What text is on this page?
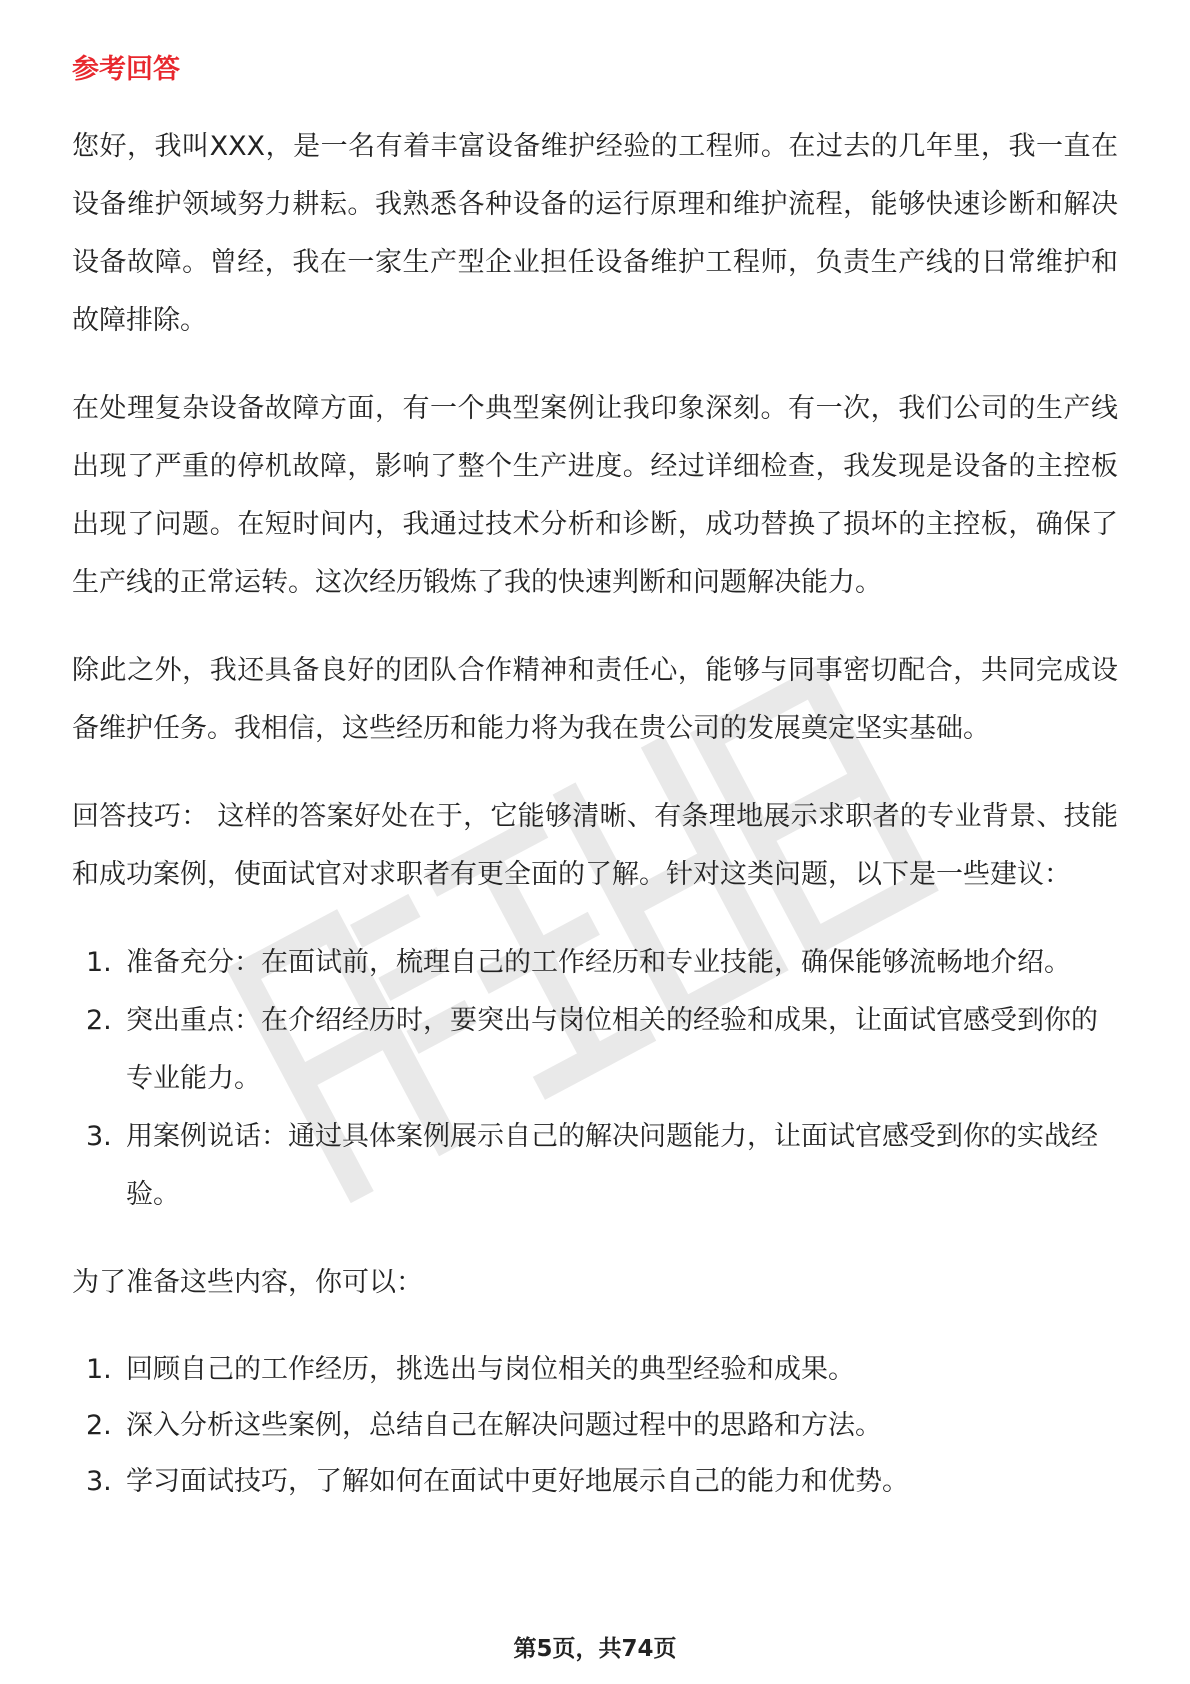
参考回答

您好，我叫XXX，是一名有着丰富设备维护经验的工程师。在过去的几年里，我一直在设备维护领域努力耕耘。我熟悉各种设备的运行原理和维护流程，能够快速诊断和解决设备故障。曾经，我在一家生产型企业担任设备维护工程师，负责生产线的日常维护和故障排除。

在处理复杂设备故障方面，有一个典型案例让我印象深刻。有一次，我们公司的生产线出现了严重的停机故障，影响了整个生产进度。经过详细检查，我发现是设备的主控板出现了问题。在短时间内，我通过技术分析和诊断，成功替换了损坏的主控板，确保了生产线的正常运转。这次经历锻炼了我的快速判断和问题解决能力。

除此之外，我还具备良好的团队合作精神和责任心，能够与同事密切配合，共同完成设备维护任务。我相信，这些经历和能力将为我在贵公司的发展奠定坚实基础。

回答技巧： 这样的答案好处在于，它能够清晰、有条理地展示求职者的专业背景、技能和成功案例，使面试官对求职者有更全面的了解。针对这类问题，以下是一些建议：

1. 准备充分：在面试前，梳理自己的工作经历和专业技能，确保能够流畅地介绍。
2. 突出重点：在介绍经历时，要突出与岗位相关的经验和成果，让面试官感受到你的专业能力。
3. 用案例说话：通过具体案例展示自己的解决问题能力，让面试官感受到你的实战经验。

为了准备这些内容，你可以：

1. 回顾自己的工作经历，挑选出与岗位相关的典型经验和成果。
2. 深入分析这些案例，总结自己在解决问题过程中的思路和方法。
3. 学习面试技巧，了解如何在面试中更好地展示自己的能力和优势。
第5页，共74页
